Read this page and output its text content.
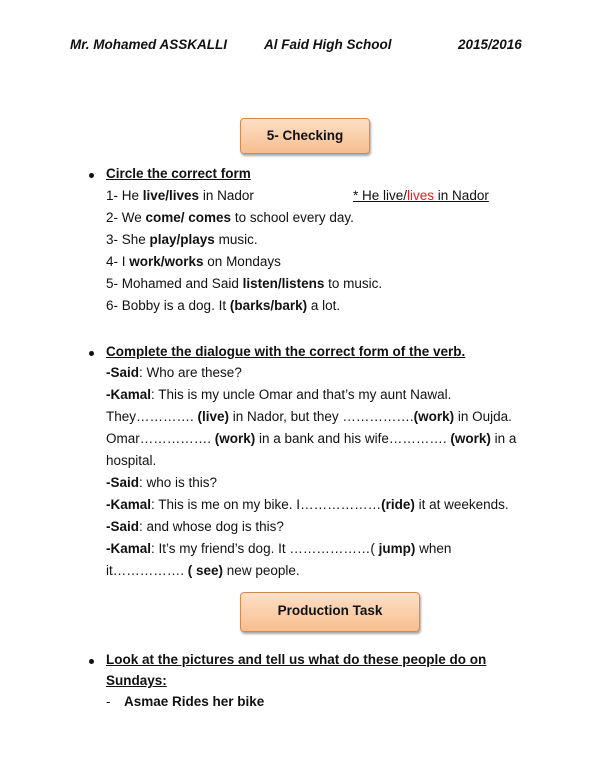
Mr. Mohamed ASSKALLI	Al Faid High School	2015/2016
5- Checking
Circle the correct form
* He live/lives in Nador
1- He live/lives in Nador
2- We come/ comes to school every day.
3- She play/plays music.
4- I work/works on Mondays
5- Mohamed and Said listen/listens to music.
6- Bobby is a dog. It (barks/bark) a lot.
Complete the dialogue with the correct form of the verb.
-Said: Who are these?
-Kamal: This is my uncle Omar and that’s my aunt Nawal.
They…………. (live) in Nador, but they …………….(work) in Oujda.
Omar……………. (work) in a bank and his wife…………. (work) in a
hospital.
-Said: who is this?
-Kamal: This is me on my bike. I………………(ride) it at weekends.
-Said: and whose dog is this?
-Kamal: It’s my friend’s dog. It ………………( jump) when
it……………. ( see) new people.
Production Task
Look at the pictures and tell us what do these people do on
Sundays:
- Asmae Rides her bike
